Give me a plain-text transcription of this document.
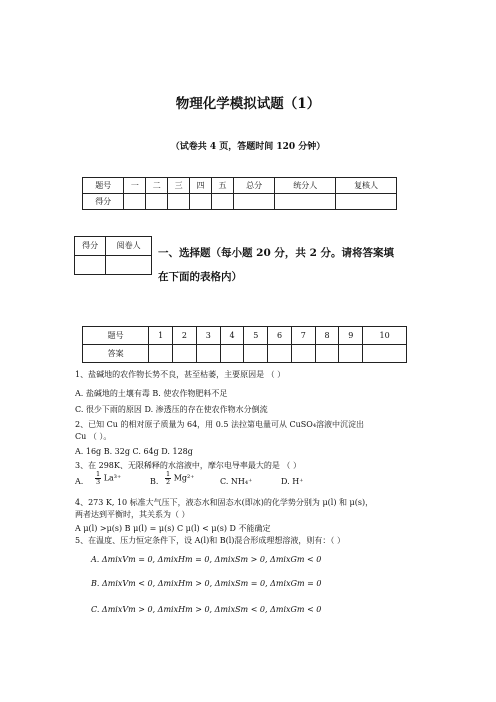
物理化学模拟试题（1）
（试卷共 4 页，答题时间 120 分钟）
题号	一	二	三	四	五	总分	统分人	复核人
得分								
得分	阅卷人

一、选择题（每小题 20 分，共 2 分。请将答案填
在下面的表格内）
题号	1	2	3	4	5	6	7	8	9	10
答案										
1、盐碱地的农作物长势不良，甚至枯萎，主要原因是 （ ）
A. 盐碱地的土壤有毒 B. 使农作物肥料不足
C. 很少下雨的原因 D. 渗透压的存在使农作物水分倒流
2、已知 Cu 的相对原子质量为 64，用 0.5 法拉第电量可从 CuSO₄溶液中沉淀出
Cu （ ）。
A. 16g B. 32g C. 64g D. 128g
3、在 298K、无限稀释的水溶液中，摩尔电导率最大的是 （ ）
A. $\frac{1}{3} La^{3+}$	B. $\frac{1}{2} Mg^{2+}$	C. NH₄⁺	D. H⁺
4、273 K, 10 标准大气压下，液态水和固态水(即冰)的化学势分别为 μ(l) 和 μ(s)，
两者达到平衡时，其关系为（ ）
A μ(l) >μ(s) B μ(l) = μ(s) C μ(l) < μ(s) D 不能确定
5、在温度、压力恒定条件下，设 A(l)和 B(l)混合形成理想溶液，则有：（ ）
A. ΔmixVm = 0, ΔmixHm = 0, ΔmixSm > 0, ΔmixGm < 0
B. ΔmixVm < 0, ΔmixHm > 0, ΔmixSm = 0, ΔmixGm = 0
C. ΔmixVm > 0, ΔmixHm > 0, ΔmixSm < 0, ΔmixGm < 0
